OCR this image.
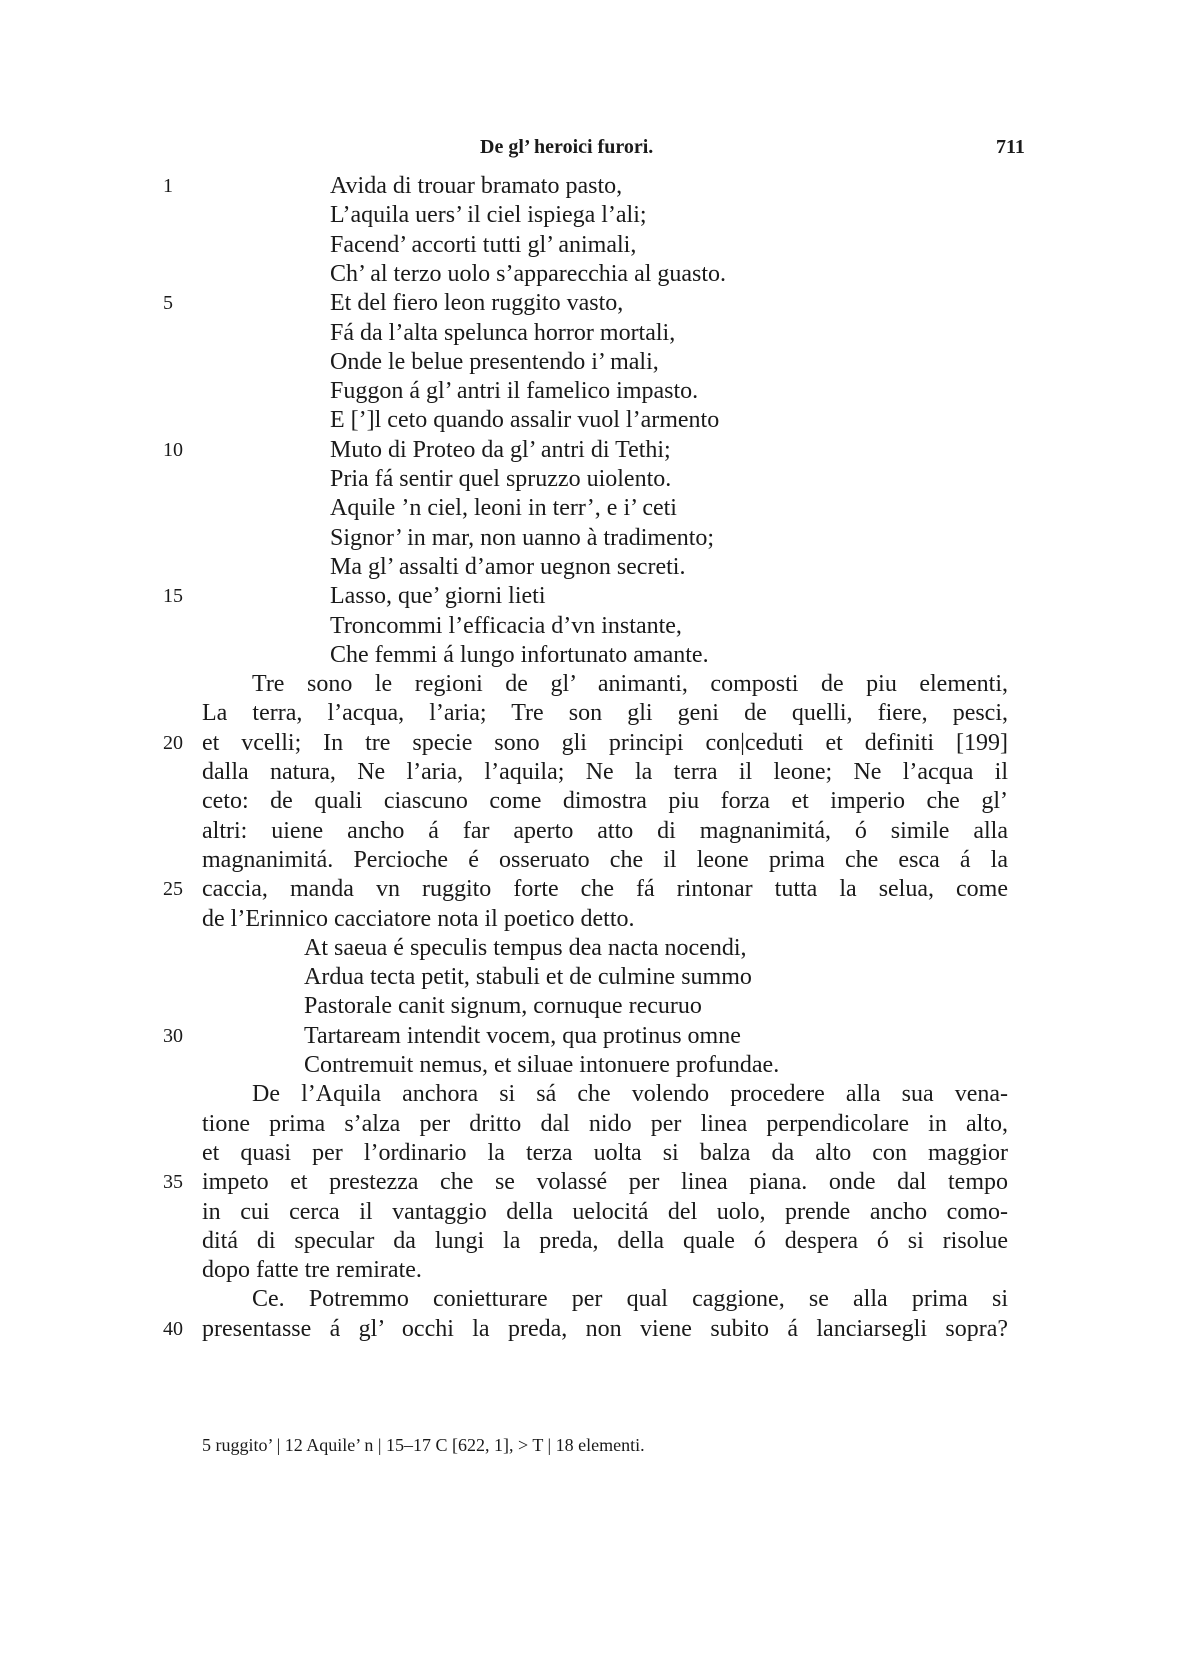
De gl’ heroici furori.	711
Avida di trouar bramato pasto,
L’aquila uers’ il ciel ispiega l’ali;
Facend’ accorti tutti gl’ animali,
Ch’ al terzo uolo s’apparecchia al guasto.
Et del fiero leon ruggito vasto,
Fá da l’alta spelunca horror mortali,
Onde le belue presentendo i’ mali,
Fuggon á gl’ antri il famelico impasto.
E [’]l ceto quando assalir vuol l’armento
Muto di Proteo da gl’ antri di Tethi;
Pria fá sentir quel spruzzo uiolento.
Aquile ’n ciel, leoni in terr’, e i’ ceti
Signor’ in mar, non uanno à tradimento;
Ma gl’ assalti d’amor uegnon secreti.
Lasso, que’ giorni lieti
Troncommi l’efficacia d’vn instante,
Che femmi á lungo infortunato amante.
Tre sono le regioni de gl’ animanti, composti de piu elementi,
La terra, l’acqua, l’aria; Tre son gli geni de quelli, fiere, pesci,
et vcelli; In tre specie sono gli principi con|ceduti et definiti [199]
dalla natura, Ne l’aria, l’aquila; Ne la terra il leone; Ne l’acqua il
ceto: de quali ciascuno come dimostra piu forza et imperio che gl’
altri: uiene ancho á far aperto atto di magnanimitá, ó simile alla
magnanimitá. Percioche é osseruato che il leone prima che esca á la
caccia, manda vn ruggito forte che fá rintonar tutta la selua, come
de l’Erinnico cacciatore nota il poetico detto.
At saeua é speculis tempus dea nacta nocendi,
Ardua tecta petit, stabuli et de culmine summo
Pastorale canit signum, cornuque recuruo
Tartaream intendit vocem, qua protinus omne
Contremuit nemus, et siluae intonuere profundae.
De l’Aquila anchora si sá che volendo procedere alla sua vena-
tione prima s’alza per dritto dal nido per linea perpendicolare in alto,
et quasi per l’ordinario la terza uolta si balza da alto con maggior
impeto et prestezza che se volassé per linea piana. onde dal tempo
in cui cerca il vantaggio della uelocitá del uolo, prende ancho como-
ditá di specular da lungi la preda, della quale ó despera ó si risolue
dopo fatte tre remirate.
Ce. Potremmo conietturare per qual caggione, se alla prima si
presentasse á gl’ occhi la preda, non viene subito á lanciarsegli sopra?
1
5
10
15
20
25
30
35
40
5 ruggito’ | 12 Aquile’ n | 15–17 C [622, 1], > T | 18 elementi.
